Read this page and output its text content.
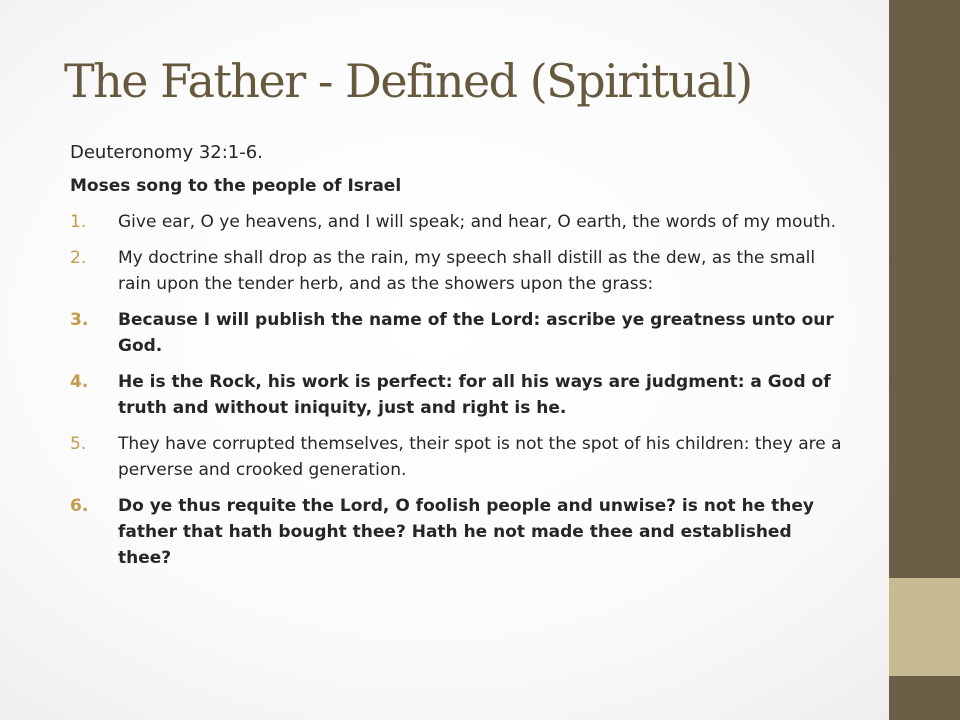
The Father - Defined (Spiritual)

Deuteronomy 32:1-6.

Moses song to the people of Israel

1. Give ear, O ye heavens, and I will speak; and hear, O earth, the words of my mouth.
2. My doctrine shall drop as the rain, my speech shall distill as the dew, as the small rain upon the tender herb, and as the showers upon the grass:
3. Because I will publish the name of the Lord: ascribe ye greatness unto our God.
4. He is the Rock, his work is perfect: for all his ways are judgment: a God of truth and without iniquity, just and right is he.
5. They have corrupted themselves, their spot is not the spot of his children: they are a perverse and crooked generation.
6. Do ye thus requite the Lord, O foolish people and unwise? is not he they father that hath bought thee? Hath he not made thee and established thee?
